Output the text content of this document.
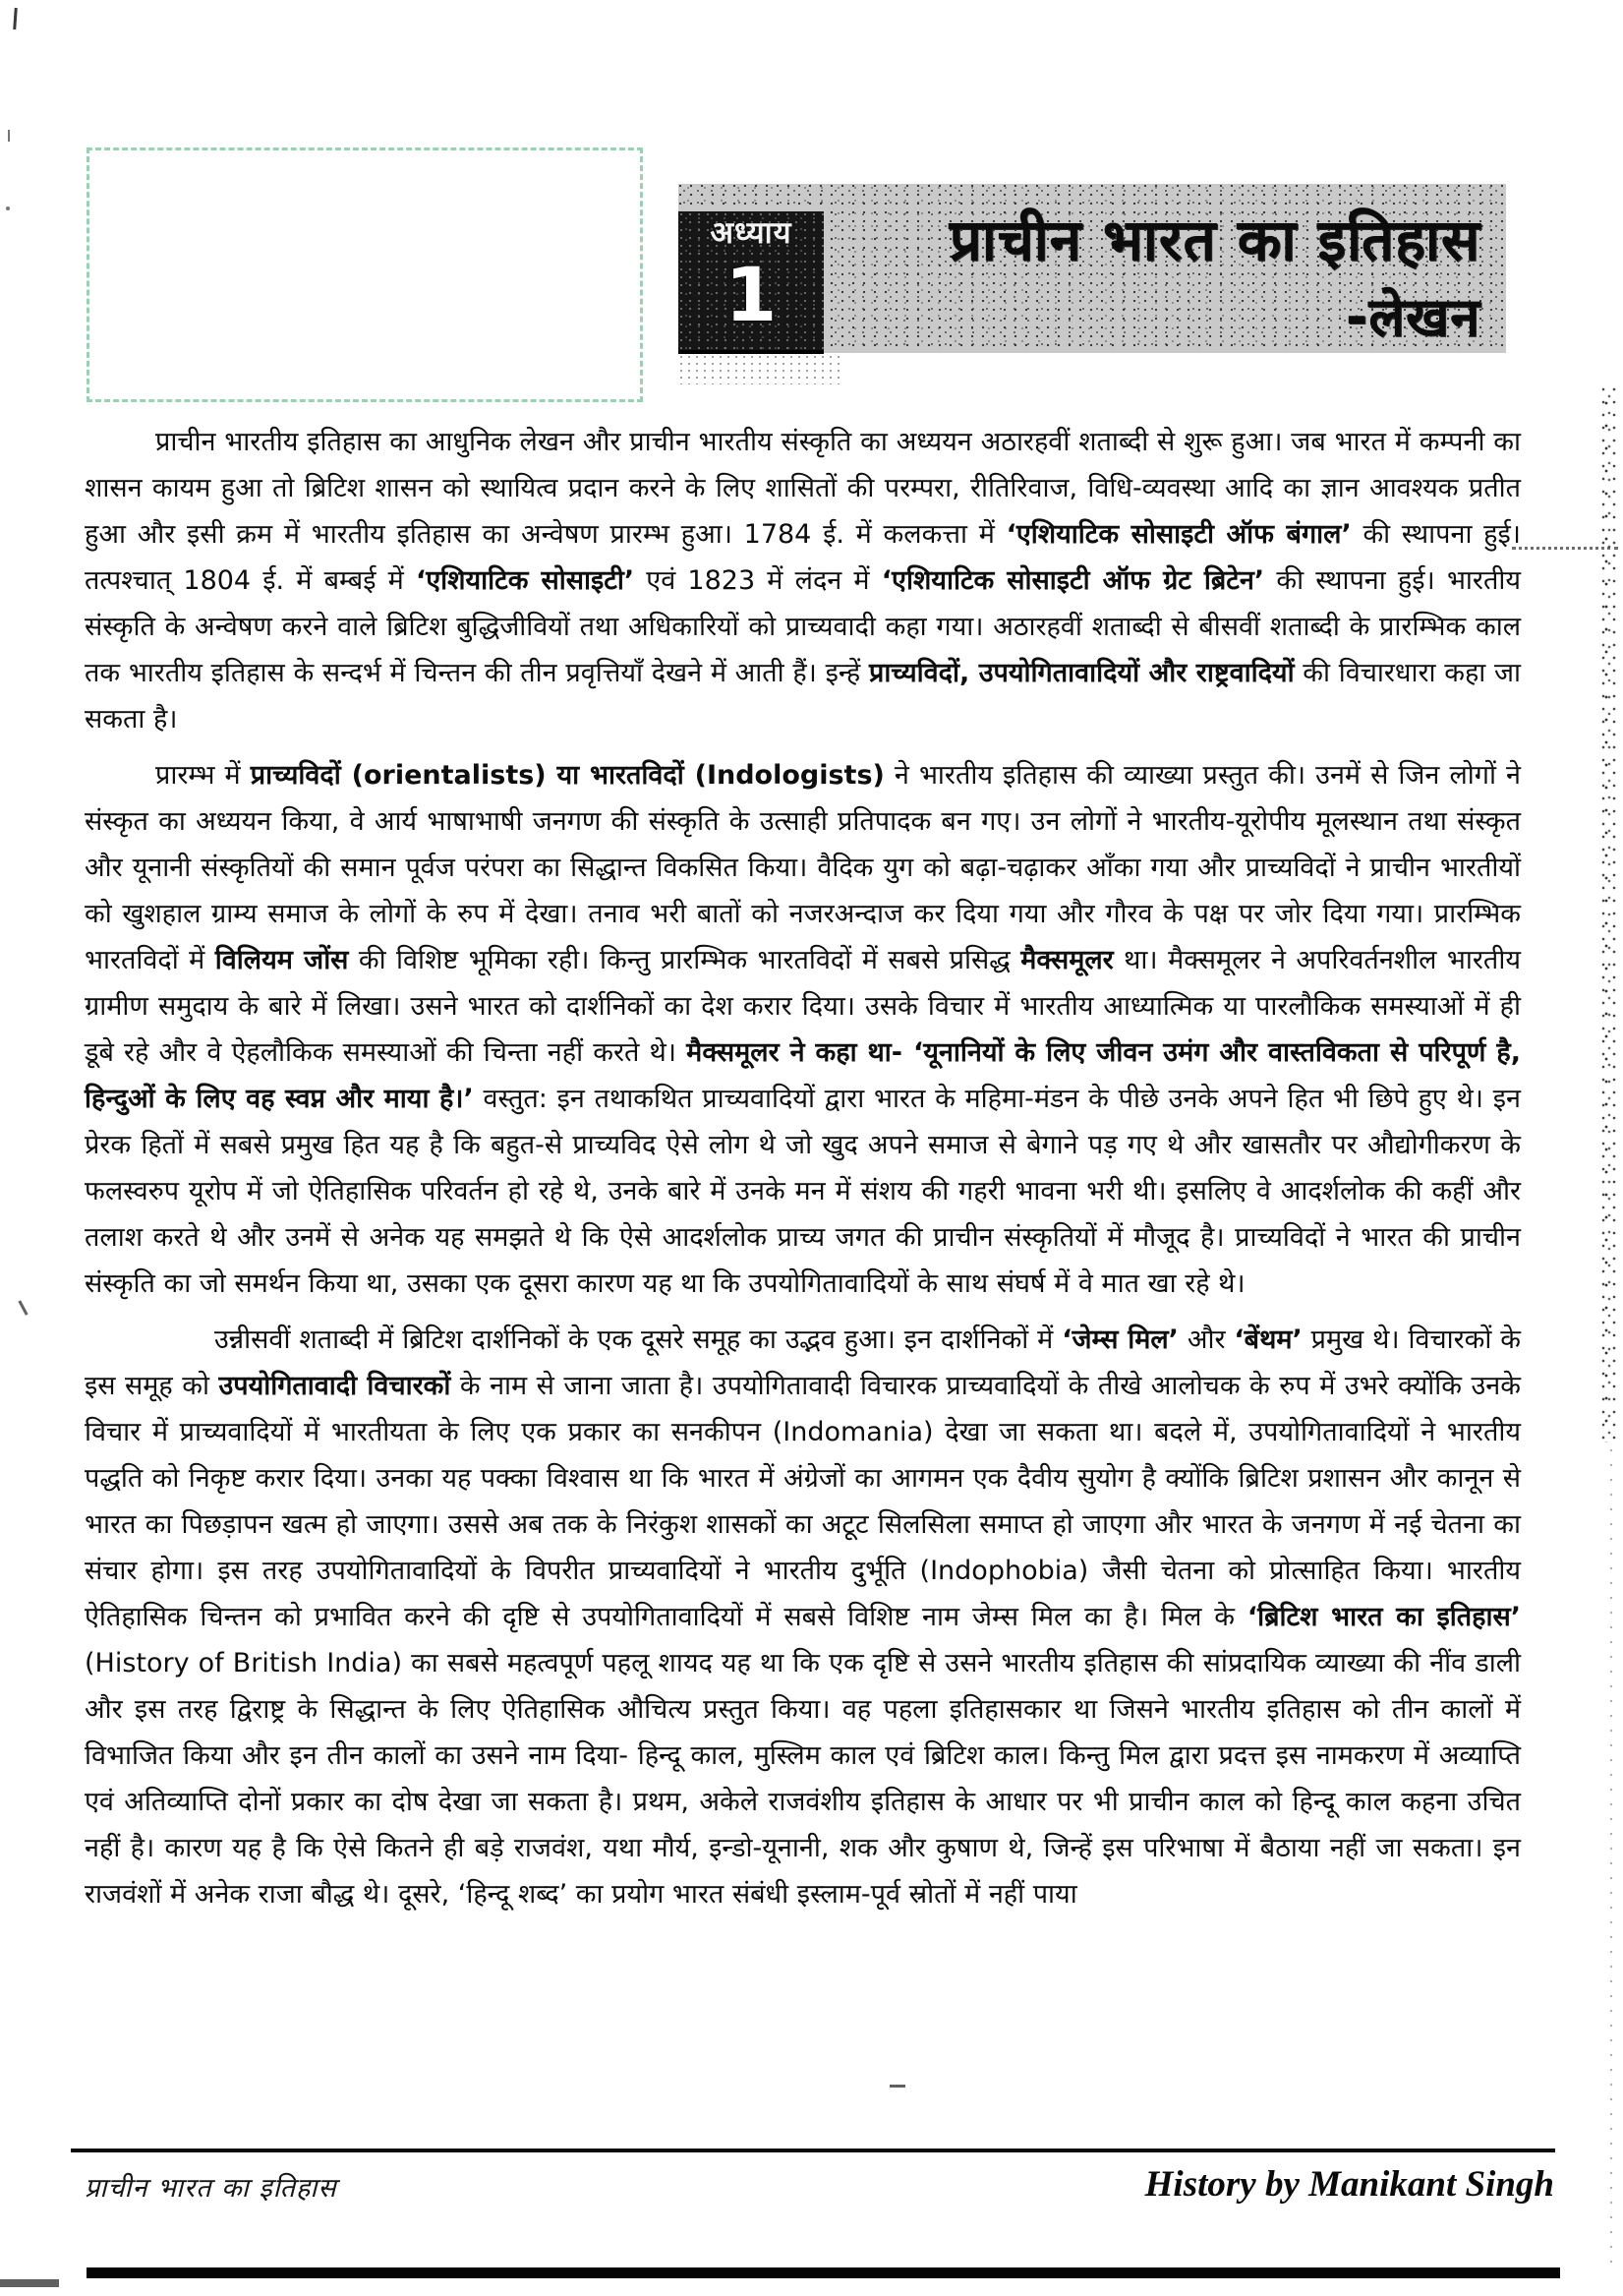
प्राचीन भारत का इतिहास
-लेखन
अध्याय
1

प्राचीन भारतीय इतिहास का आधुनिक लेखन और प्राचीन भारतीय संस्कृति का अध्ययन अठारहवीं शताब्दी से शुरू हुआ। जब भारत में कम्पनी का शासन कायम हुआ तो ब्रिटिश शासन को स्थायित्व प्रदान करने के लिए शासितों की परम्परा, रीतिरिवाज, विधि-व्यवस्था आदि का ज्ञान आवश्यक प्रतीत हुआ और इसी क्रम में भारतीय इतिहास का अन्वेषण प्रारम्भ हुआ। 1784 ई. में कलकत्ता में ‘एशियाटिक सोसाइटी ऑफ बंगाल’ की स्थापना हुई। तत्पश्चात् 1804 ई. में बम्बई में ‘एशियाटिक सोसाइटी’ एवं 1823 में लंदन में ‘एशियाटिक सोसाइटी ऑफ ग्रेट ब्रिटेन’ की स्थापना हुई। भारतीय संस्कृति के अन्वेषण करने वाले ब्रिटिश बुद्धिजीवियों तथा अधिकारियों को प्राच्यवादी कहा गया। अठारहवीं शताब्दी से बीसवीं शताब्दी के प्रारम्भिक काल तक भारतीय इतिहास के सन्दर्भ में चिन्तन की तीन प्रवृत्तियाँ देखने में आती हैं। इन्हें प्राच्यविदों, उपयोगितावादियों और राष्ट्रवादियों की विचारधारा कहा जा सकता है।

प्रारम्भ में प्राच्यविदों (orientalists) या भारतविदों (Indologists) ने भारतीय इतिहास की व्याख्या प्रस्तुत की। उनमें से जिन लोगों ने संस्कृत का अध्ययन किया, वे आर्य भाषाभाषी जनगण की संस्कृति के उत्साही प्रतिपादक बन गए। उन लोगों ने भारतीय-यूरोपीय मूलस्थान तथा संस्कृत और यूनानी संस्कृतियों की समान पूर्वज परंपरा का सिद्धान्त विकसित किया। वैदिक युग को बढ़ा-चढ़ाकर आँका गया और प्राच्यविदों ने प्राचीन भारतीयों को खुशहाल ग्राम्य समाज के लोगों के रुप में देखा। तनाव भरी बातों को नजरअन्दाज कर दिया गया और गौरव के पक्ष पर जोर दिया गया। प्रारम्भिक भारतविदों में विलियम जोंस की विशिष्ट भूमिका रही। किन्तु प्रारम्भिक भारतविदों में सबसे प्रसिद्ध मैक्समूलर था। मैक्समूलर ने अपरिवर्तनशील भारतीय ग्रामीण समुदाय के बारे में लिखा। उसने भारत को दार्शनिकों का देश करार दिया। उसके विचार में भारतीय आध्यात्मिक या पारलौकिक समस्याओं में ही डूबे रहे और वे ऐहलौकिक समस्याओं की चिन्ता नहीं करते थे। मैक्समूलर ने कहा था- ‘यूनानियों के लिए जीवन उमंग और वास्तविकता से परिपूर्ण है, हिन्दुओं के लिए वह स्वप्न और माया है।’ वस्तुत: इन तथाकथित प्राच्यवादियों द्वारा भारत के महिमा-मंडन के पीछे उनके अपने हित भी छिपे हुए थे। इन प्रेरक हितों में सबसे प्रमुख हित यह है कि बहुत-से प्राच्यविद ऐसे लोग थे जो खुद अपने समाज से बेगाने पड़ गए थे और खासतौर पर औद्योगीकरण के फलस्वरुप यूरोप में जो ऐतिहासिक परिवर्तन हो रहे थे, उनके बारे में उनके मन में संशय की गहरी भावना भरी थी। इसलिए वे आदर्शलोक की कहीं और तलाश करते थे और उनमें से अनेक यह समझते थे कि ऐसे आदर्शलोक प्राच्य जगत की प्राचीन संस्कृतियों में मौजूद है। प्राच्यविदों ने भारत की प्राचीन संस्कृति का जो समर्थन किया था, उसका एक दूसरा कारण यह था कि उपयोगितावादियों के साथ संघर्ष में वे मात खा रहे थे।

उन्नीसवीं शताब्दी में ब्रिटिश दार्शनिकों के एक दूसरे समूह का उद्भव हुआ। इन दार्शनिकों में ‘जेम्स मिल’ और ‘बेंथम’ प्रमुख थे। विचारकों के इस समूह को उपयोगितावादी विचारकों के नाम से जाना जाता है। उपयोगितावादी विचारक प्राच्यवादियों के तीखे आलोचक के रुप में उभरे क्योंकि उनके विचार में प्राच्यवादियों में भारतीयता के लिए एक प्रकार का सनकीपन (Indomania) देखा जा सकता था। बदले में, उपयोगितावादियों ने भारतीय पद्धति को निकृष्ट करार दिया। उनका यह पक्का विश्वास था कि भारत में अंग्रेजों का आगमन एक दैवीय सुयोग है क्योंकि ब्रिटिश प्रशासन और कानून से भारत का पिछड़ापन खत्म हो जाएगा। उससे अब तक के निरंकुश शासकों का अटूट सिलसिला समाप्त हो जाएगा और भारत के जनगण में नई चेतना का संचार होगा। इस तरह उपयोगितावादियों के विपरीत प्राच्यवादियों ने भारतीय दुर्भूति (Indophobia) जैसी चेतना को प्रोत्साहित किया। भारतीय ऐतिहासिक चिन्तन को प्रभावित करने की दृष्टि से उपयोगितावादियों में सबसे विशिष्ट नाम जेम्स मिल का है। मिल के ‘ब्रिटिश भारत का इतिहास’ (History of British India) का सबसे महत्वपूर्ण पहलू शायद यह था कि एक दृष्टि से उसने भारतीय इतिहास की सांप्रदायिक व्याख्या की नींव डाली और इस तरह द्विराष्ट्र के सिद्धान्त के लिए ऐतिहासिक औचित्य प्रस्तुत किया। वह पहला इतिहासकार था जिसने भारतीय इतिहास को तीन कालों में विभाजित किया और इन तीन कालों का उसने नाम दिया- हिन्दू काल, मुस्लिम काल एवं ब्रिटिश काल। किन्तु मिल द्वारा प्रदत्त इस नामकरण में अव्याप्ति एवं अतिव्याप्ति दोनों प्रकार का दोष देखा जा सकता है। प्रथम, अकेले राजवंशीय इतिहास के आधार पर भी प्राचीन काल को हिन्दू काल कहना उचित नहीं है। कारण यह है कि ऐसे कितने ही बड़े राजवंश, यथा मौर्य, इन्डो-यूनानी, शक और कुषाण थे, जिन्हें इस परिभाषा में बैठाया नहीं जा सकता। इन राजवंशों में अनेक राजा बौद्ध थे। दूसरे, ‘हिन्दू शब्द’ का प्रयोग भारत संबंधी इस्लाम-पूर्व स्रोतों में नहीं पाया

प्राचीन भारत का इतिहास	History by Manikant Singh
